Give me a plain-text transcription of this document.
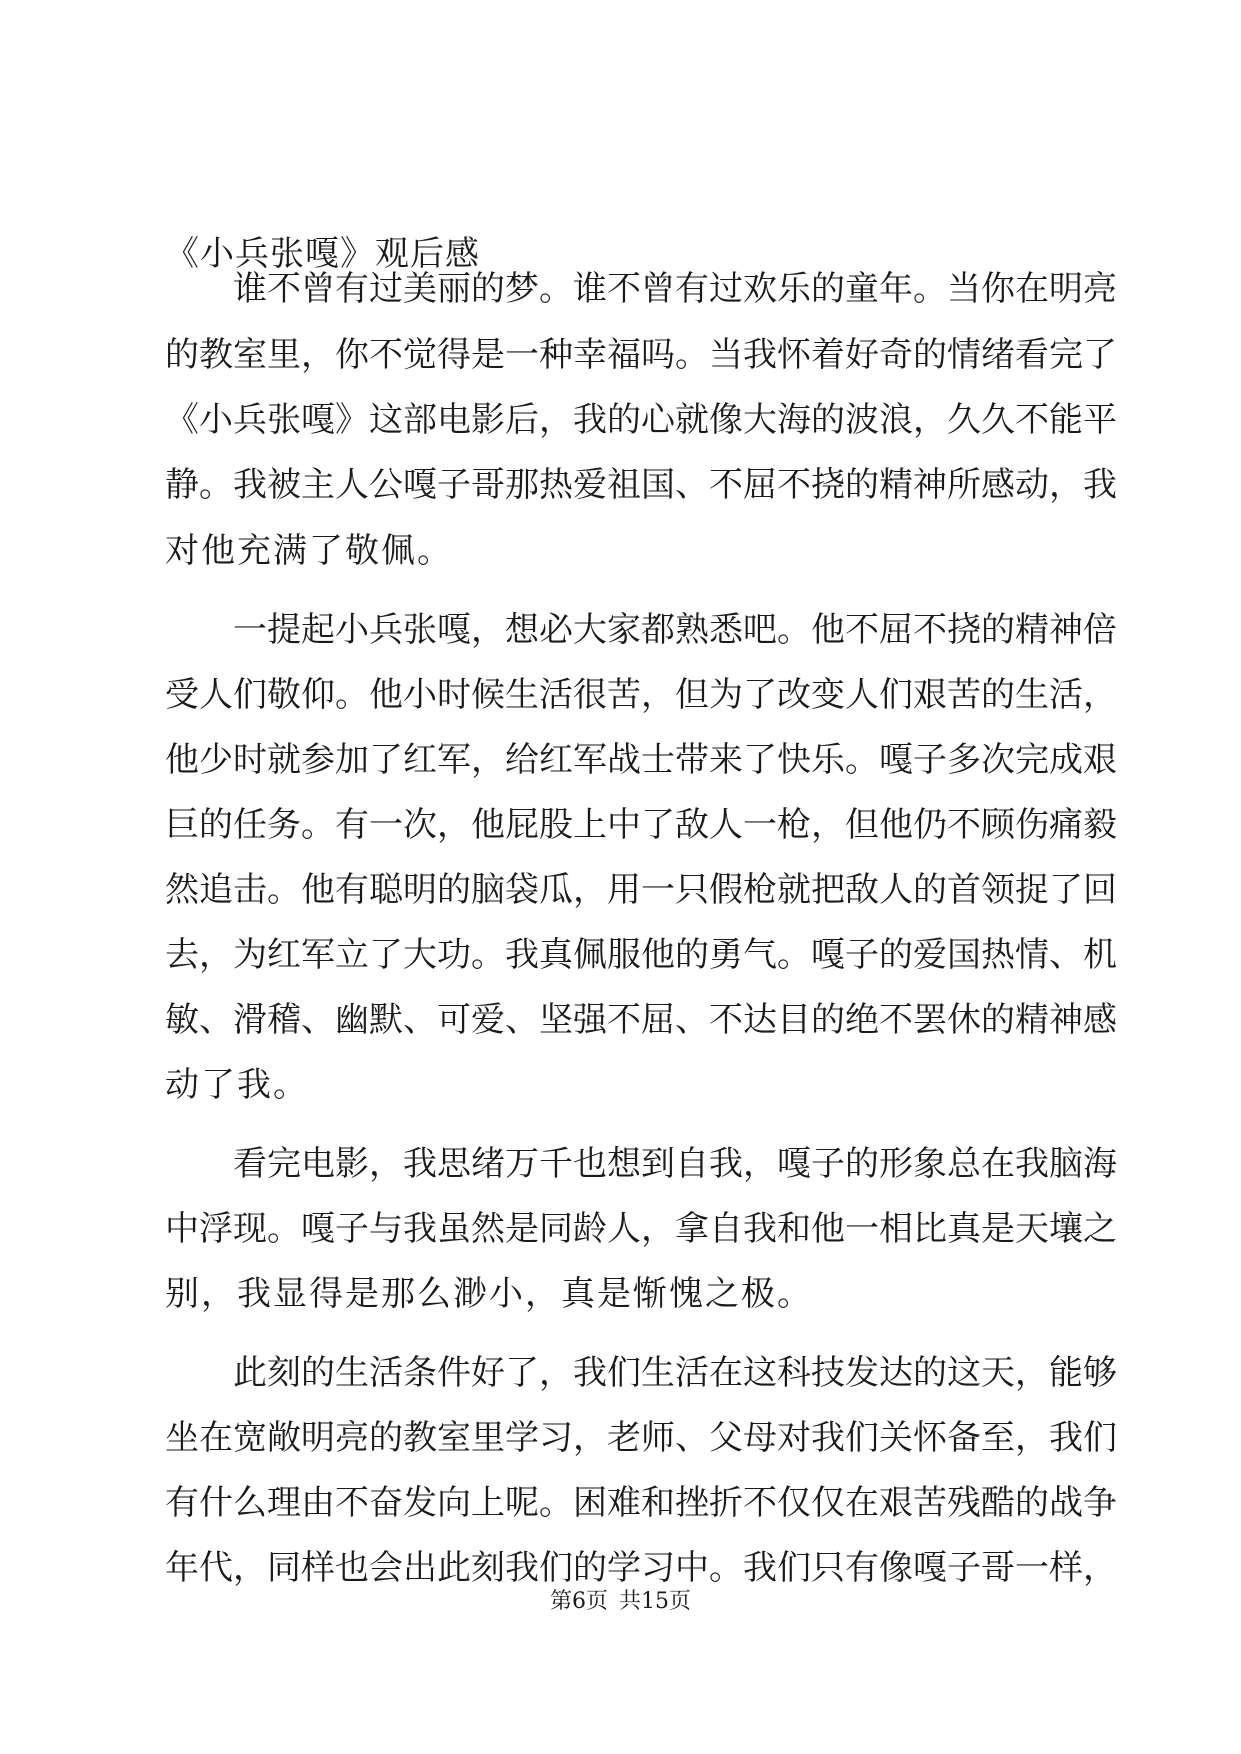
《小兵张嘎》观后感
谁 不 曾 有 过 美 丽 的 梦 。 谁 不 曾 有 过 欢 乐 的 童 年 。 当 你 在 明 亮
的 教 室 里 ， 你 不 觉 得 是 一 种 幸 福 吗 。 当 我 怀 着 好 奇 的 情 绪 看 完 了
《 小 兵 张 嘎 》 这 部 电 影 后 ， 我 的 心 就 像 大 海 的 波 浪 ， 久 久 不 能 平
静 。 我 被 主 人 公 嘎 子 哥 那 热 爱 祖 国 、 不 屈 不 挠 的 精 神 所 感 动 ， 我
对他充满了敬佩。
一 提 起 小 兵 张 嘎 ， 想 必 大 家 都 熟 悉 吧 。 他 不 屈 不 挠 的 精 神 倍
受 人 们 敬 仰 。 他 小 时 候 生 活 很 苦 ， 但 为 了 改 变 人 们 艰 苦 的 生 活 ，
他 少 时 就 参 加 了 红 军 ， 给 红 军 战 士 带 来 了 快 乐 。 嘎 子 多 次 完 成 艰
巨 的 任 务 。 有 一 次 ， 他 屁 股 上 中 了 敌 人 一 枪 ， 但 他 仍 不 顾 伤 痛 毅
然 追 击 。 他 有 聪 明 的 脑 袋 瓜 ， 用 一 只 假 枪 就 把 敌 人 的 首 领 捉 了 回
去 ， 为 红 军 立 了 大 功 。 我 真 佩 服 他 的 勇 气 。 嘎 子 的 爱 国 热 情 、 机
敏 、 滑 稽 、 幽 默 、 可 爱 、 坚 强 不 屈 、 不 达 目 的 绝 不 罢 休 的 精 神 感
动了我。
看 完 电 影 ， 我 思 绪 万 千 也 想 到 自 我 ， 嘎 子 的 形 象 总 在 我 脑 海
中 浮 现 。 嘎 子 与 我 虽 然 是 同 龄 人 ， 拿 自 我 和 他 一 相 比 真 是 天 壤 之
别，我显得是那么渺小，真是惭愧之极。
此 刻 的 生 活 条 件 好 了 ， 我 们 生 活 在 这 科 技 发 达 的 这 天 ， 能 够
坐 在 宽 敞 明 亮 的 教 室 里 学 习 ， 老 师 、 父 母 对 我 们 关 怀 备 至 ， 我 们
有 什 么 理 由 不 奋 发 向 上 呢 。 困 难 和 挫 折 不 仅 仅 在 艰 苦 残 酷 的 战 争
年 代 ， 同 样 也 会 出 此 刻 我 们 的 学 习 中 。 我 们 只 有 像 嘎 子 哥 一 样 ，
第6页 共15页
